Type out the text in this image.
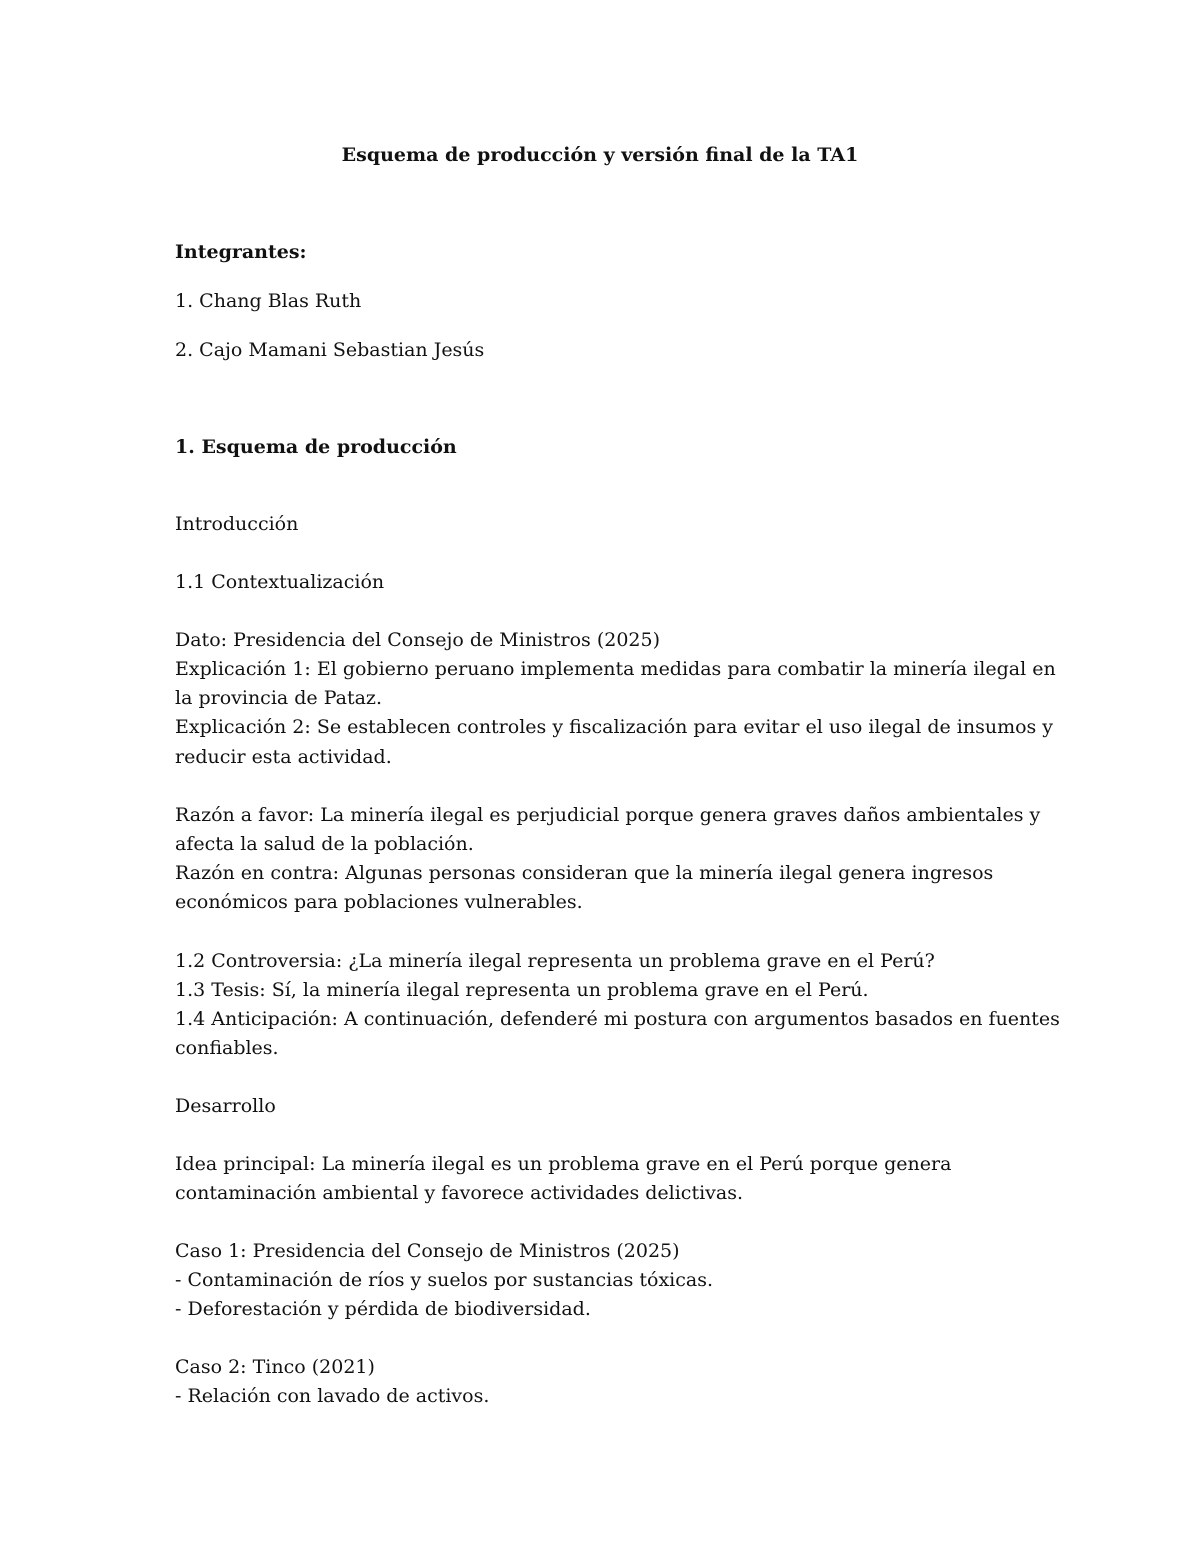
Esquema de producción y versión final de la TA1
Integrantes:
1. Chang Blas Ruth
2. Cajo Mamani Sebastian Jesús
1. Esquema de producción
Introducción
1.1 Contextualización
Dato: Presidencia del Consejo de Ministros (2025)
Explicación 1: El gobierno peruano implementa medidas para combatir la minería ilegal en
la provincia de Pataz.
Explicación 2: Se establecen controles y fiscalización para evitar el uso ilegal de insumos y
reducir esta actividad.
Razón a favor: La minería ilegal es perjudicial porque genera graves daños ambientales y
afecta la salud de la población.
Razón en contra: Algunas personas consideran que la minería ilegal genera ingresos
económicos para poblaciones vulnerables.
1.2 Controversia: ¿La minería ilegal representa un problema grave en el Perú?
1.3 Tesis: Sí, la minería ilegal representa un problema grave en el Perú.
1.4 Anticipación: A continuación, defenderé mi postura con argumentos basados en fuentes
confiables.
Desarrollo
Idea principal: La minería ilegal es un problema grave en el Perú porque genera
contaminación ambiental y favorece actividades delictivas.
Caso 1: Presidencia del Consejo de Ministros (2025)
- Contaminación de ríos y suelos por sustancias tóxicas.
- Deforestación y pérdida de biodiversidad.
Caso 2: Tinco (2021)
- Relación con lavado de activos.
